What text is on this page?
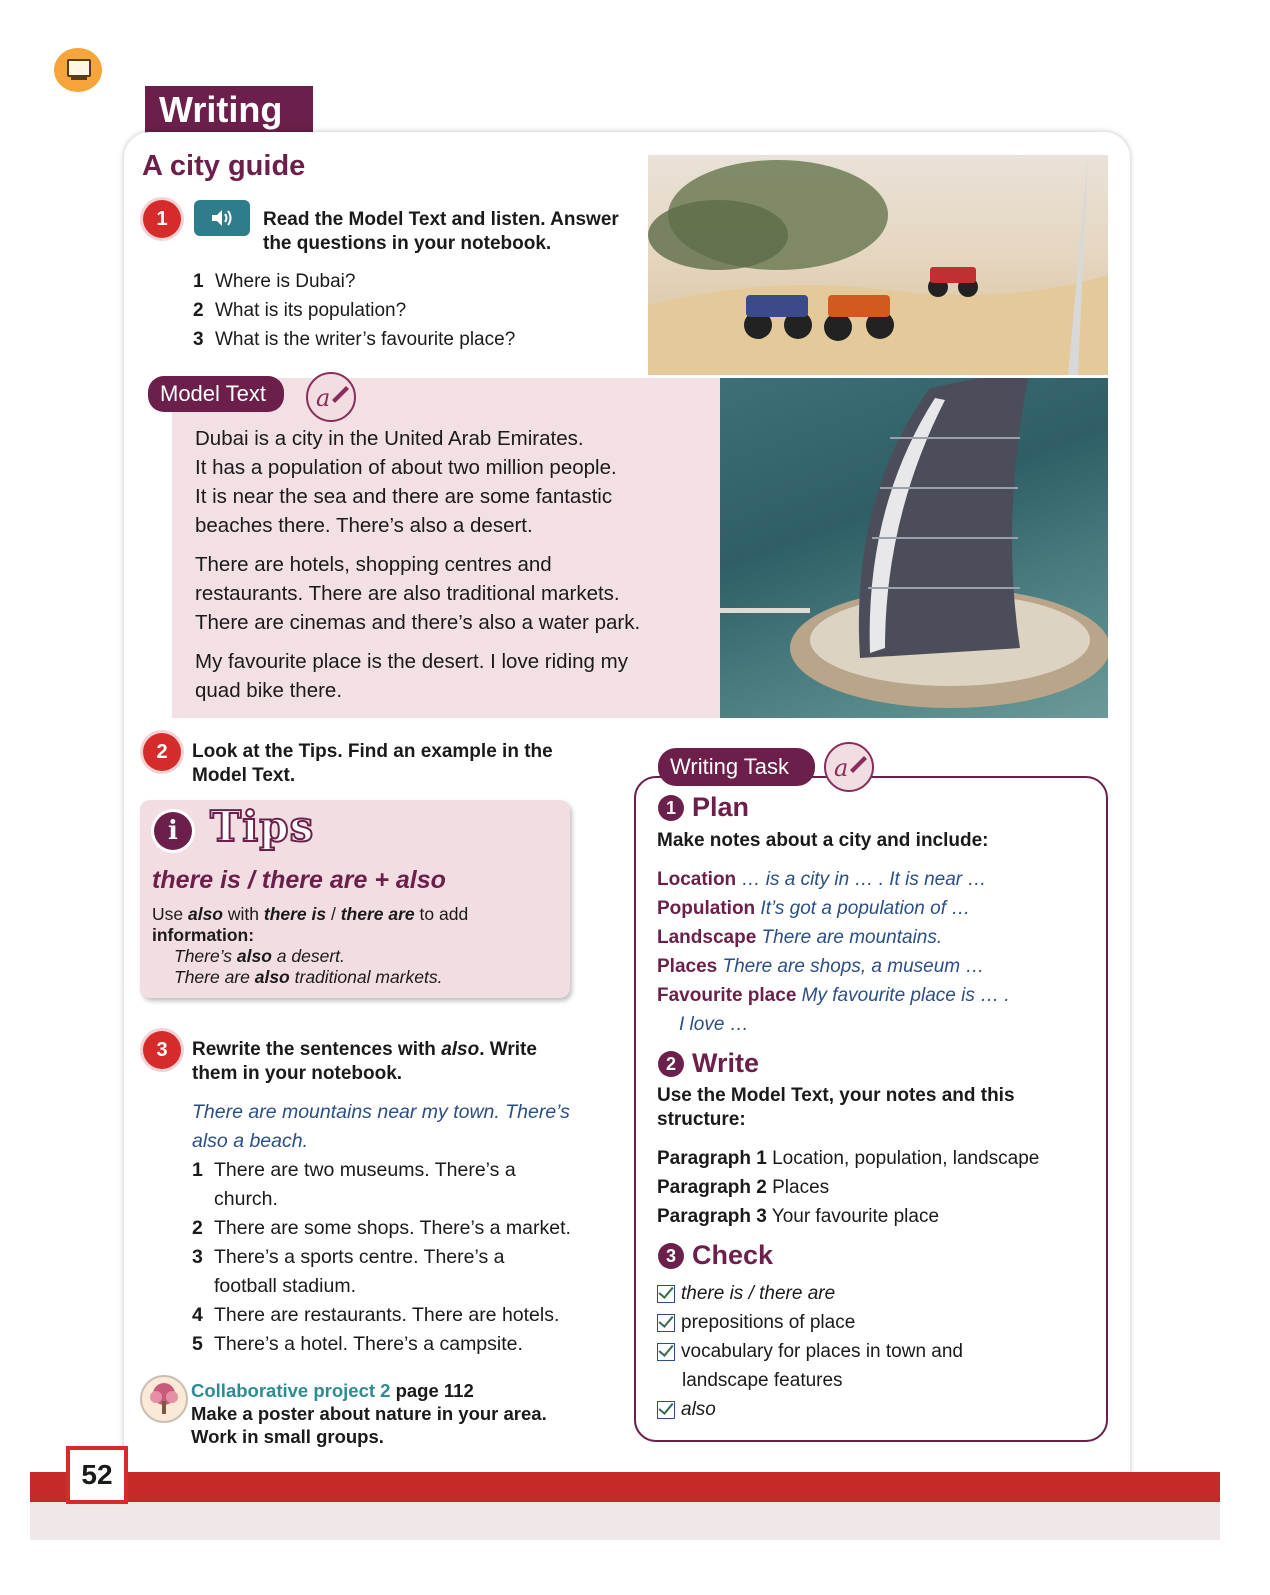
Writing
A city guide
1	Read the Model Text and listen. Answer
the questions in your notebook.
1 Where is Dubai?
2 What is its population?
3 What is the writer’s favourite place?
Model Text	a

Dubai is a city in the United Arab Emirates.
It has a population of about two million people.
It is near the sea and there are some fantastic
beaches there. There’s also a desert.

There are hotels, shopping centres and
restaurants. There are also traditional markets.
There are cinemas and there’s also a water park.

My favourite place is the desert. I love riding my
quad bike there.

2	Look at the Tips. Find an example in the
Model Text.
i Tips
there is / there are + also
Use also with there is / there are to add
information:
There’s also a desert.
There are also traditional markets.
3	Rewrite the sentences with also. Write
them in your notebook.
There are mountains near my town. There’s
also a beach.
1 There are two museums. There’s a
church.
2 There are some shops. There’s a market.
3 There’s a sports centre. There’s a
football stadium.
4 There are restaurants. There are hotels.
5 There’s a hotel. There’s a campsite.
Collaborative project 2 page 112
Make a poster about nature in your area.
Work in small groups.
Writing Task	a
1 Plan
Make notes about a city and include:
Location … is a city in … . It is near …
Population It’s got a population of …
Landscape There are mountains.
Places There are shops, a museum …
Favourite place My favourite place is … .
I love …
2 Write
Use the Model Text, your notes and this
structure:
Paragraph 1 Location, population, landscape
Paragraph 2 Places
Paragraph 3 Your favourite place
3 Check
there is / there are
prepositions of place
vocabulary for places in town and
landscape features
also
52
